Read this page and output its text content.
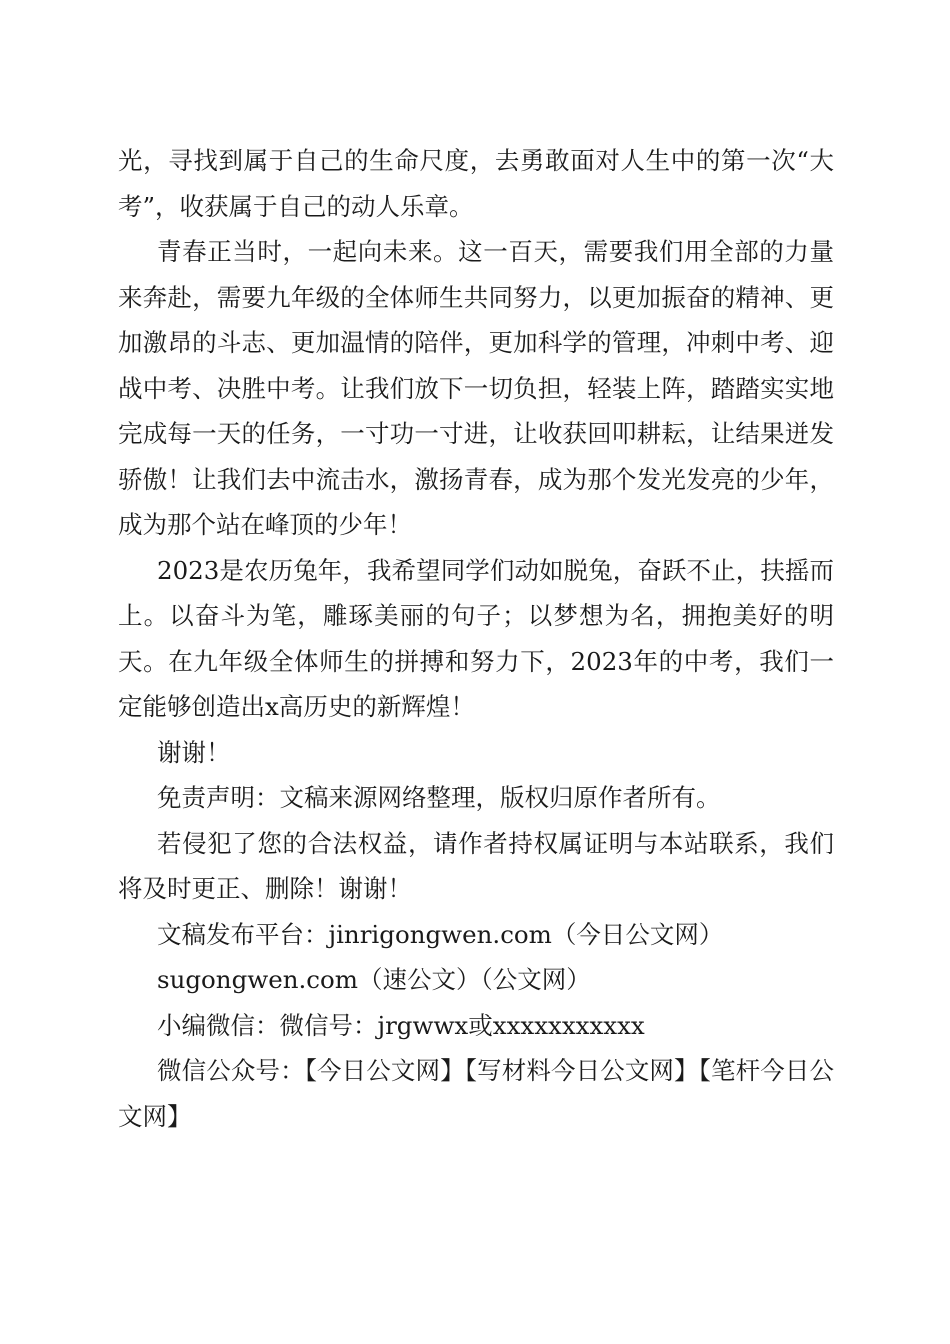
光，寻找到属于自己的生命尺度，去勇敢面对人生中的第一次“大考”，收获属于自己的动人乐章。

青春正当时，一起向未来。这一百天，需要我们用全部的力量来奔赴，需要九年级的全体师生共同努力，以更加振奋的精神、更加激昂的斗志、更加温情的陪伴，更加科学的管理，冲刺中考、迎战中考、决胜中考。让我们放下一切负担，轻装上阵，踏踏实实地完成每一天的任务，一寸功一寸进，让收获回叩耕耘，让结果迸发骄傲！让我们去中流击水，激扬青春，成为那个发光发亮的少年，成为那个站在峰顶的少年！

2023是农历兔年，我希望同学们动如脱兔，奋跃不止，扶摇而上。以奋斗为笔，雕琢美丽的句子；以梦想为名，拥抱美好的明天。在九年级全体师生的拼搏和努力下，2023年的中考，我们一定能够创造出x高历史的新辉煌！

谢谢！

免责声明：文稿来源网络整理，版权归原作者所有。

若侵犯了您的合法权益，请作者持权属证明与本站联系，我们将及时更正、删除！谢谢！

文稿发布平台：jinrigongwen.com（今日公文网）

sugongwen.com（速公文）（公文网）

小编微信：微信号：jrgwwx或xxxxxxxxxxx

微信公众号：【今日公文网】【写材料今日公文网】【笔杆今日公文网】
